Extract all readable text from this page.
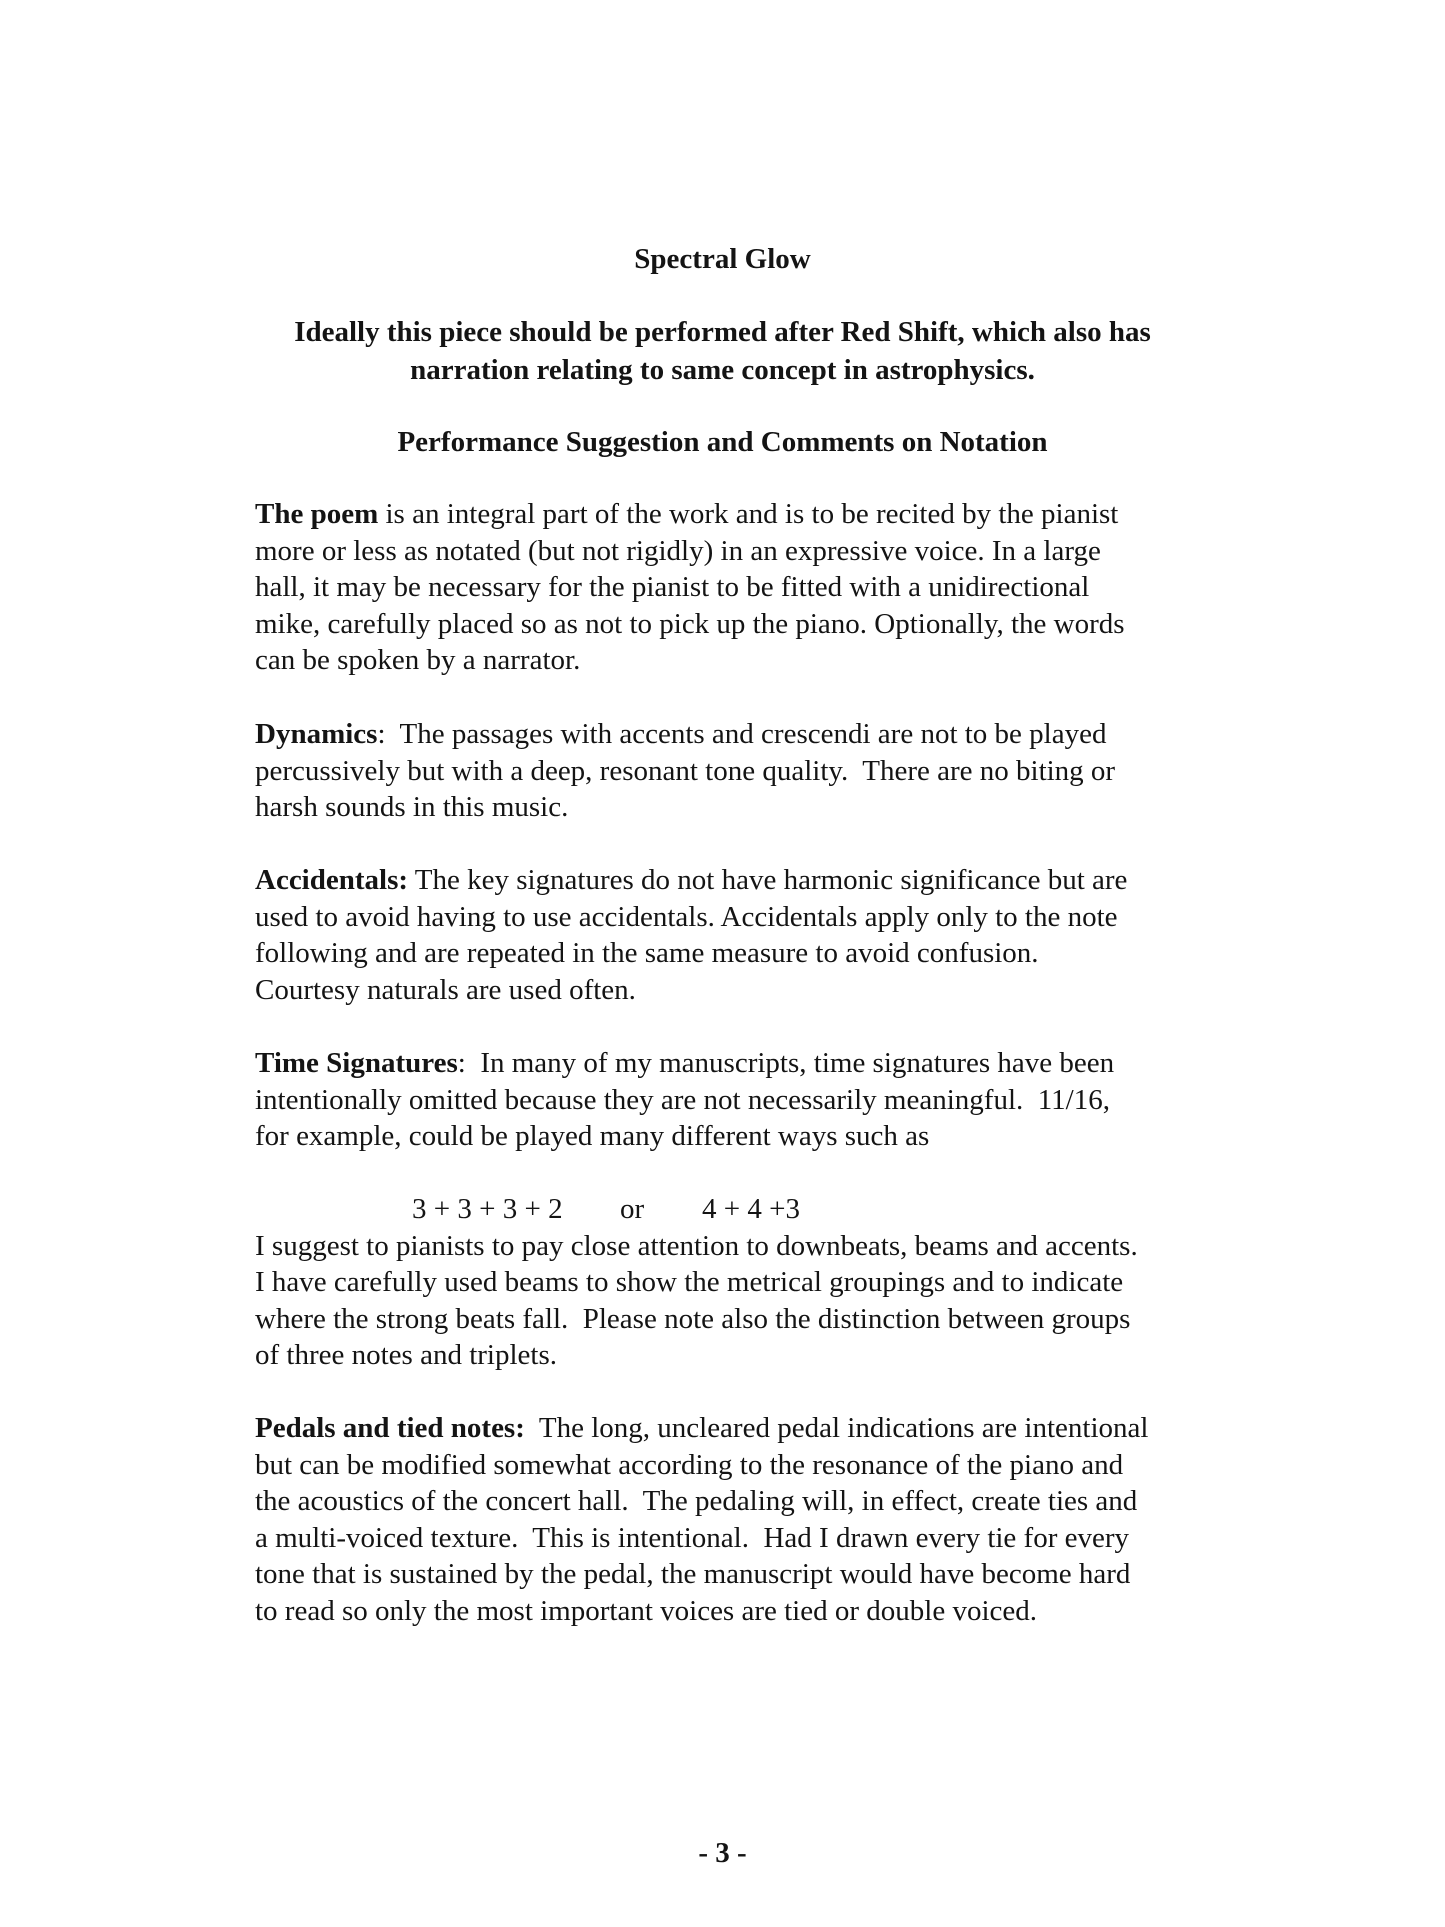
Spectral Glow

Ideally this piece should be performed after Red Shift, which also has

narration relating to same concept in astrophysics.

Performance Suggestion and Comments on Notation
The poem is an integral part of the work and is to be recited by the pianist
more or less as notated (but not rigidly) in an expressive voice. In a large
hall, it may be necessary for the pianist to be fitted with a unidirectional
mike, carefully placed so as not to pick up the piano. Optionally, the words
can be spoken by a narrator.
Dynamics:  The passages with accents and crescendi are not to be played
percussively but with a deep, resonant tone quality.  There are no biting or
harsh sounds in this music.
Accidentals: The key signatures do not have harmonic significance but are
used to avoid having to use accidentals. Accidentals apply only to the note
following and are repeated in the same measure to avoid confusion.
Courtesy naturals are used often.
Time Signatures:  In many of my manuscripts, time signatures have been
intentionally omitted because they are not necessarily meaningful.  11/16,
for example, could be played many different ways such as

3 + 3 + 3 + 2 or 4 + 4 +3
I suggest to pianists to pay close attention to downbeats, beams and accents.
I have carefully used beams to show the metrical groupings and to indicate
where the strong beats fall.  Please note also the distinction between groups
of three notes and triplets.
Pedals and tied notes:  The long, uncleared pedal indications are intentional
but can be modified somewhat according to the resonance of the piano and
the acoustics of the concert hall.  The pedaling will, in effect, create ties and
a multi-voiced texture.  This is intentional.  Had I drawn every tie for every
tone that is sustained by the pedal, the manuscript would have become hard
to read so only the most important voices are tied or double voiced.

- 3 -
